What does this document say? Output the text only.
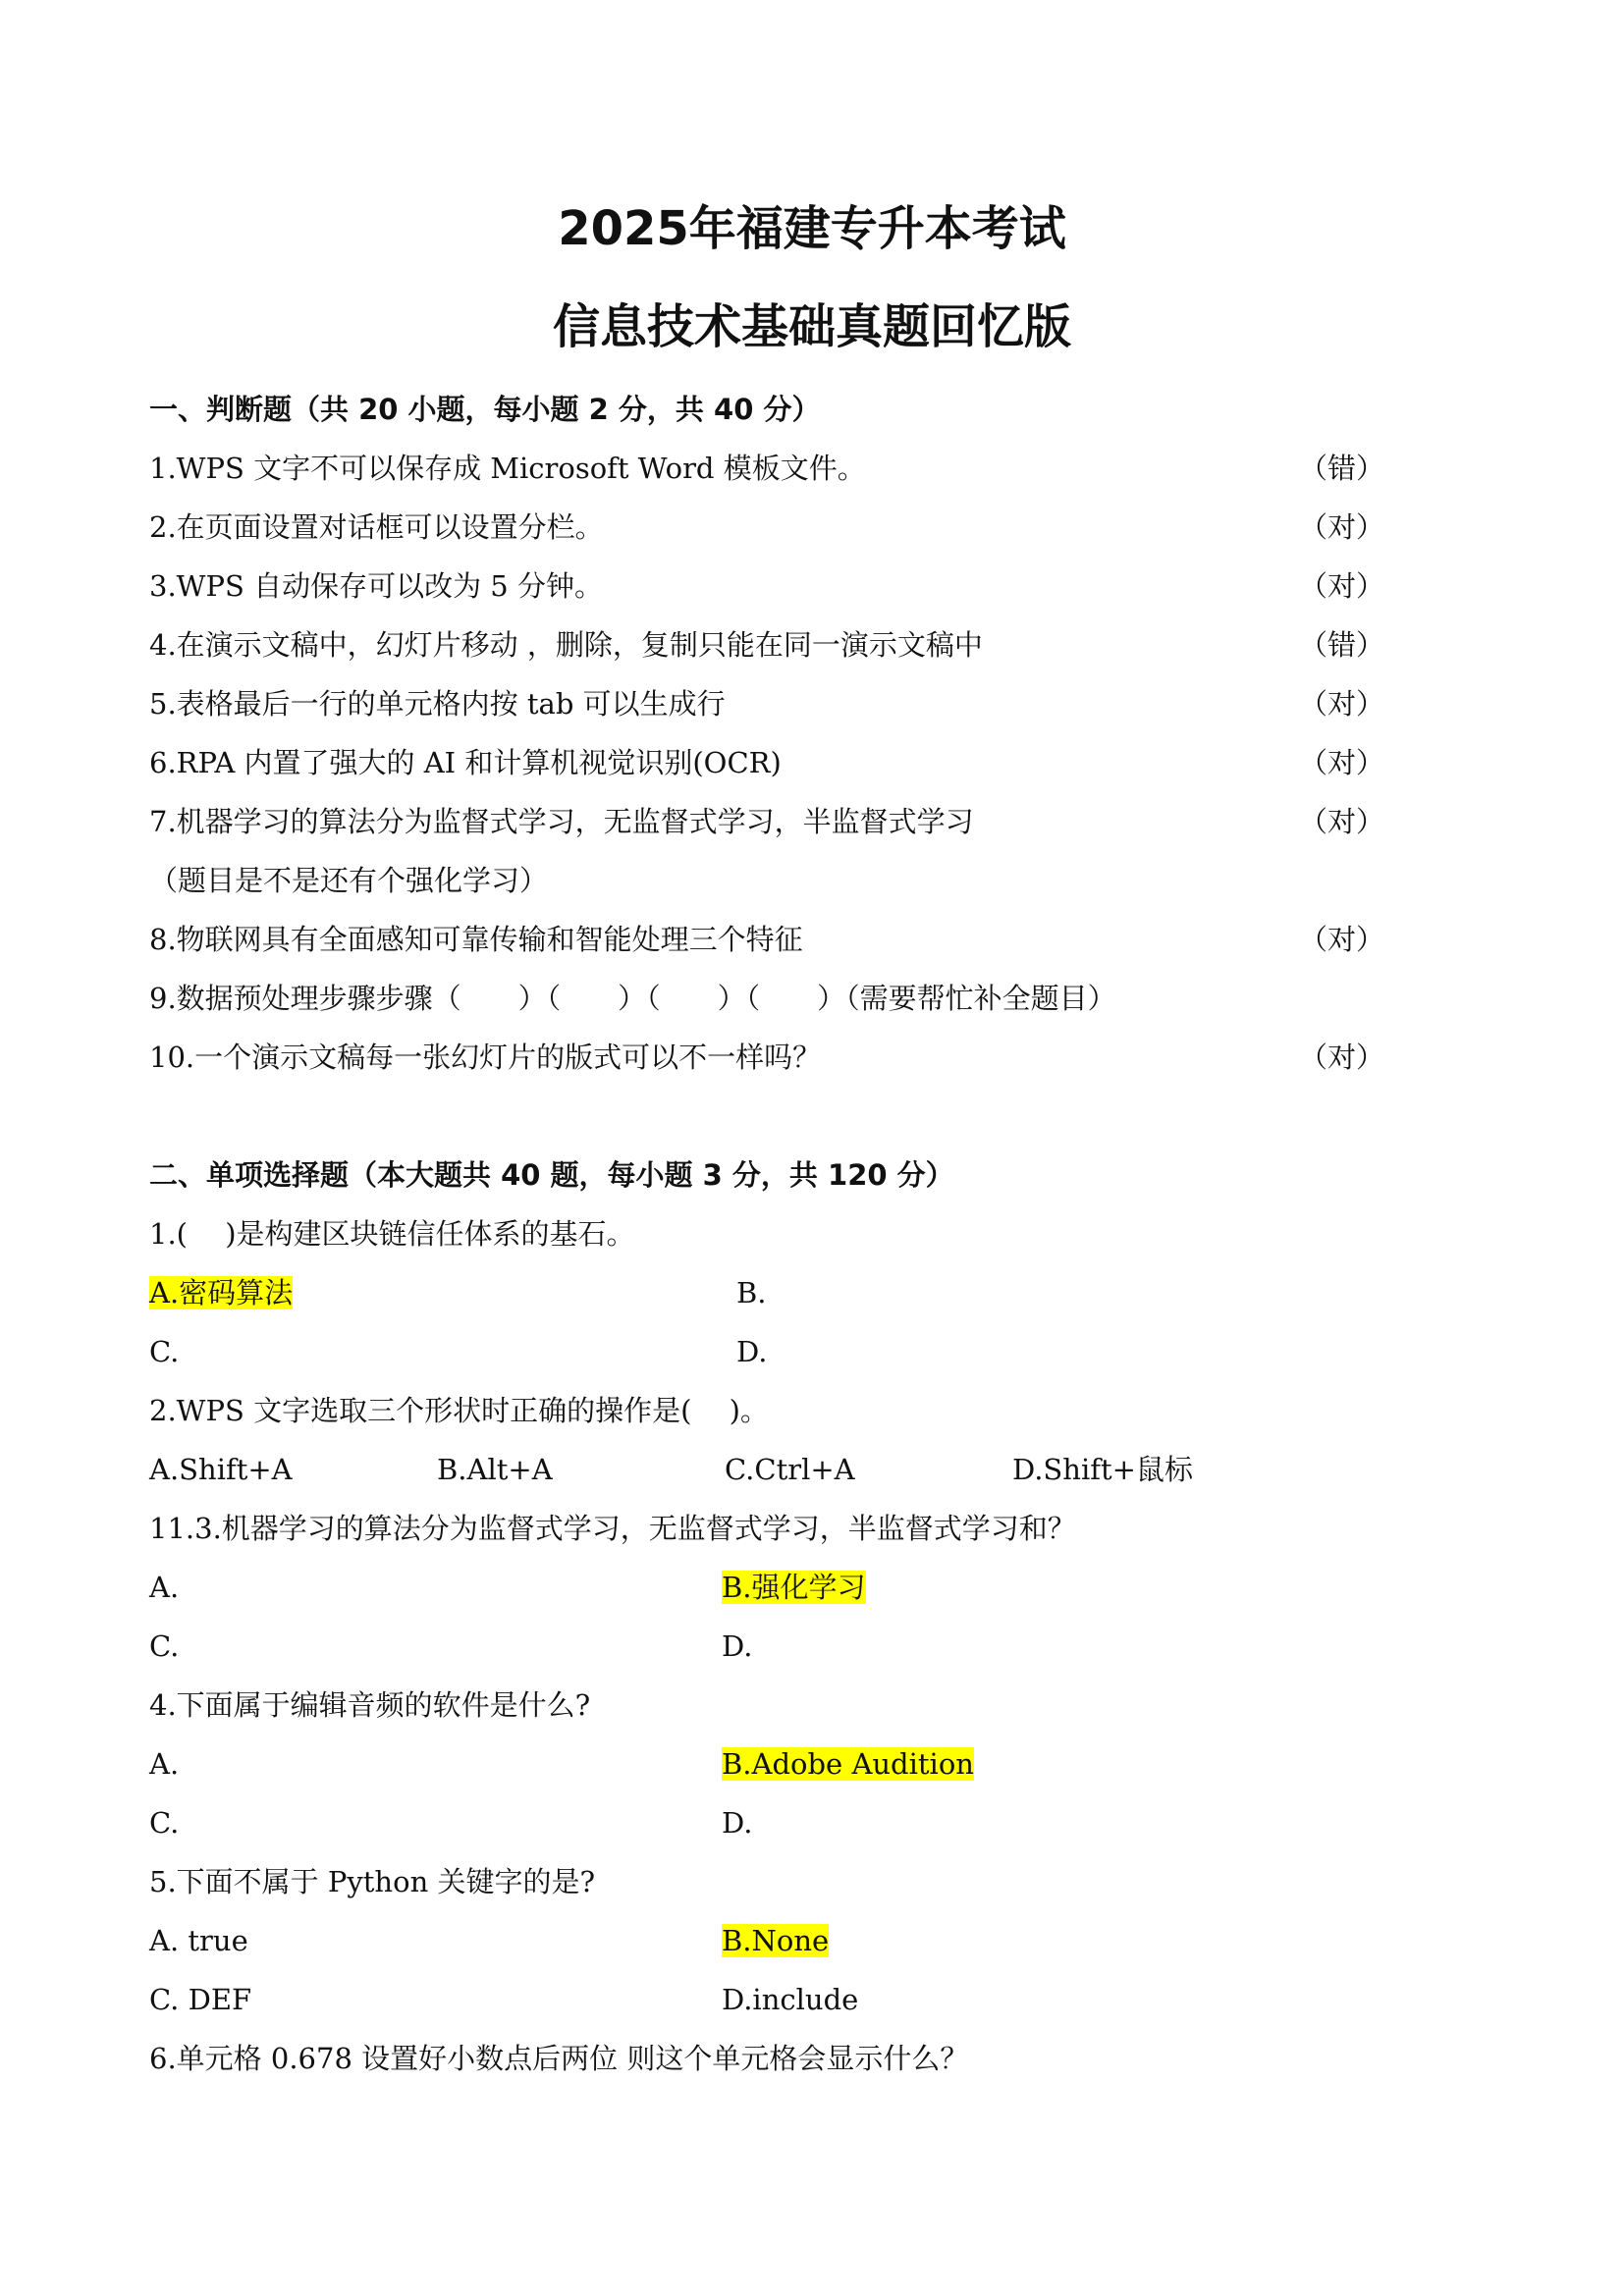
2025年福建专升本考试
信息技术基础真题回忆版
一、判断题（共 20 小题，每小题 2 分，共 40 分）
1.WPS 文字不可以保存成 Microsoft Word 模板文件。	（错）
2.在页面设置对话框可以设置分栏。	（对）
3.WPS 自动保存可以改为 5 分钟。	（对）
4.在演示文稿中，幻灯片移动 ，删除，复制只能在同一演示文稿中	（错）
5.表格最后一行的单元格内按 tab 可以生成行	（对）
6.RPA 内置了强大的 AI 和计算机视觉识别(OCR)	（对）
7.机器学习的算法分为监督式学习，无监督式学习，半监督式学习	（对）
（题目是不是还有个强化学习）
8.物联网具有全面感知可靠传输和智能处理三个特征	（对）
9.数据预处理步骤步骤（　　）（　　）（　　）（　　）（需要帮忙补全题目）
10.一个演示文稿每一张幻灯片的版式可以不一样吗？	（对）
二、单项选择题（本大题共 40 题，每小题 3 分，共 120 分）
1.(　 )是构建区块链信任体系的基石。
A.密码算法	B.
C.	D.
2.WPS 文字选取三个形状时正确的操作是(　 )。
A.Shift+A	B.Alt+A	C.Ctrl+A	D.Shift+鼠标
11.3.机器学习的算法分为监督式学习，无监督式学习，半监督式学习和？
A.	B.强化学习
C.	D.
4.下面属于编辑音频的软件是什么?
A.	B.Adobe Audition
C.	D.
5.下面不属于 Python 关键字的是?
A. true	B.None
C. DEF	D.include
6.单元格 0.678 设置好小数点后两位 则这个单元格会显示什么？
